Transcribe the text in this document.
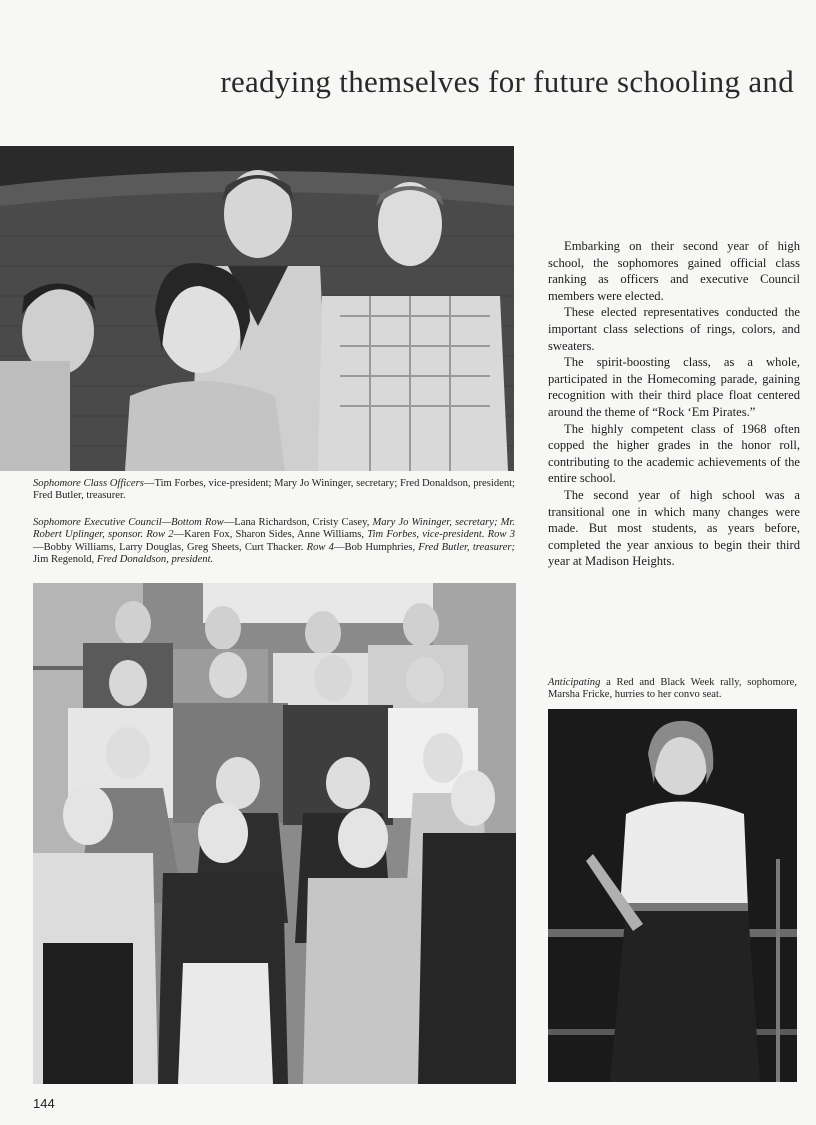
readying themselves for future schooling and
Sophomore Class Officers—Tim Forbes, vice-president; Mary Jo Wininger, secretary; Fred Donaldson, president; Fred Butler, treasurer.
Sophomore Executive Council—Bottom Row—Lana Richardson, Cristy Casey, Mary Jo Wininger, secretary; Mr. Robert Uplinger, sponsor. Row 2—Karen Fox, Sharon Sides, Anne Williams, Tim Forbes, vice-president. Row 3—Bobby Williams, Larry Douglas, Greg Sheets, Curt Thacker. Row 4—Bob Humphries, Fred Butler, treasurer; Jim Regenold, Fred Donaldson, president.

Embarking on their second year of high school, the sophomores gained official class ranking as officers and executive Council members were elected.

These elected representatives conducted the important class selections of rings, colors, and sweaters.

The spirit-boosting class, as a whole, participated in the Homecoming parade, gaining recognition with their third place float centered around the theme of “Rock ‘Em Pirates.”

The highly competent class of 1968 often copped the higher grades in the honor roll, contributing to the academic achievements of the entire school.

The second year of high school was a transitional one in which many changes were made. But most students, as years before, completed the year anxious to begin their third year at Madison Heights.

Anticipating a Red and Black Week rally, sophomore, Marsha Fricke, hurries to her convo seat.
144
